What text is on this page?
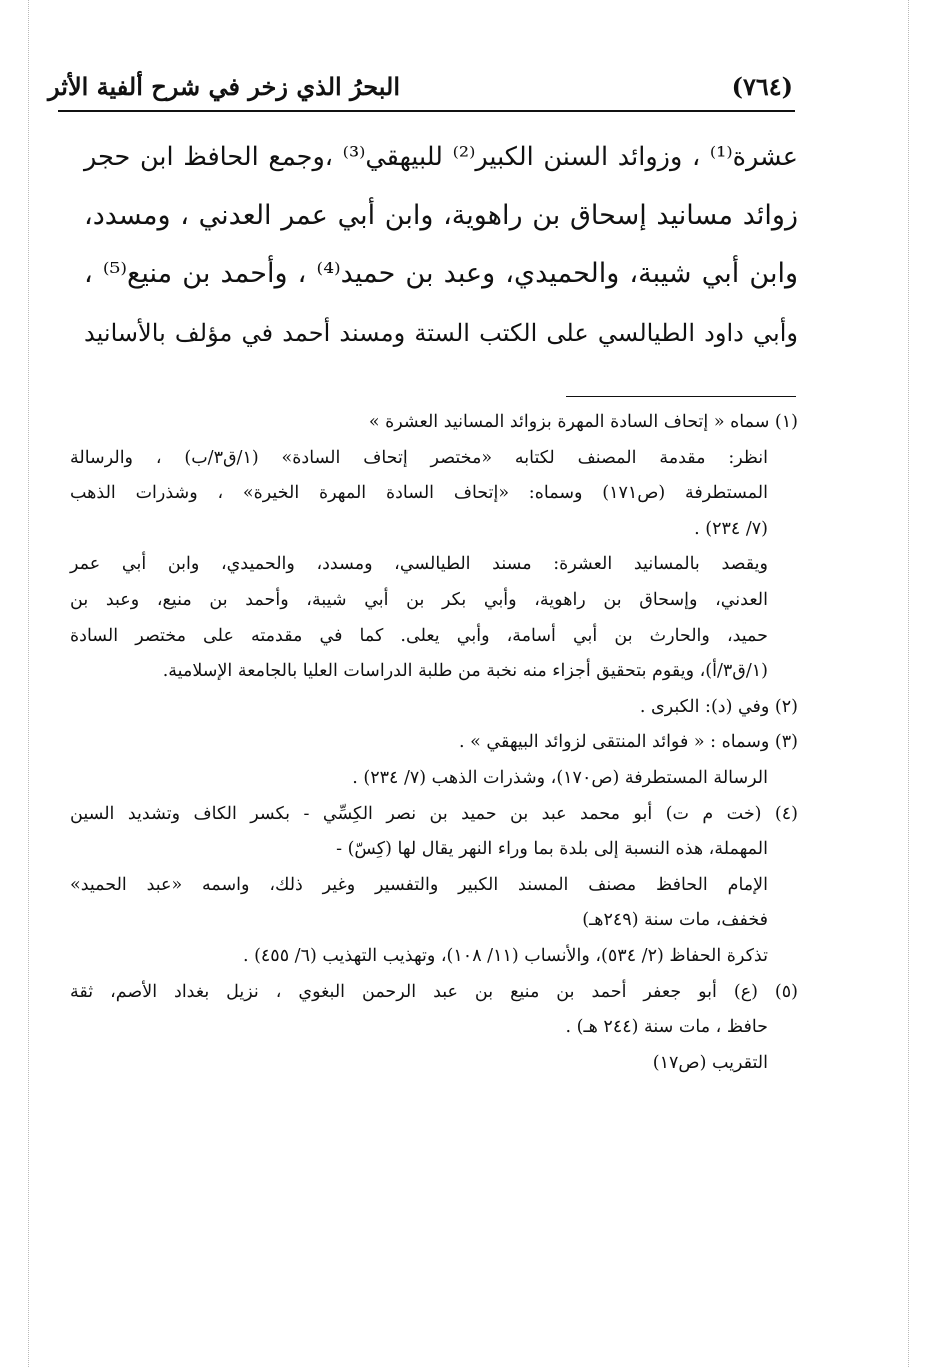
البحرُ الذي زخر في شرح ألفية الأثر	(٧٦٤)
عشرة⁽¹⁾ ، وزوائد السنن الكبير⁽²⁾ للبيهقي⁽³⁾ ،وجمع الحافظ ابن حجر
زوائد مسانيد إسحاق بن راهوية، وابن أبي عمر العدني ، ومسدد،
وابن أبي شيبة، والحميدي، وعبد بن حميد⁽⁴⁾ ، وأحمد بن منيع⁽⁵⁾ ،
وأبي داود الطيالسي على الكتب الستة ومسند أحمد في مؤلف بالأسانيد
(١) سماه « إتحاف السادة المهرة بزوائد المسانيد العشرة »
انظر: مقدمة المصنف لكتابه «مختصر إتحاف السادة» (١/ق٣/ب) ، والرسالة
المستطرفة (ص١٧١) وسماه: «إتحاف السادة المهرة الخيرة» ، وشذرات الذهب
(٧/ ٢٣٤) .
ويقصد بالمسانيد العشرة: مسند الطيالسي، ومسدد، والحميدي، وابن أبي عمر
العدني، وإسحاق بن راهوية، وأبي بكر بن أبي شيبة، وأحمد بن منيع، وعبد بن
حميد، والحارث بن أبي أسامة، وأبي يعلى. كما في مقدمته على مختصر السادة
(١/ق٣/أ)، ويقوم بتحقيق أجزاء منه نخبة من طلبة الدراسات العليا بالجامعة الإسلامية.
(٢) وفي (د): الكبرى .
(٣) وسماه : « فوائد المنتقى لزوائد البيهقي » .
الرسالة المستطرفة (ص١٧٠)، وشذرات الذهب (٧/ ٢٣٤) .
(٤) (خت م ت) أبو محمد عبد بن حميد بن نصر الكِسِّي - بكسر الكاف وتشديد السين
المهملة، هذه النسبة إلى بلدة بما وراء النهر يقال لها (كِسّ) -
الإمام الحافظ مصنف المسند الكبير والتفسير وغير ذلك، واسمه «عبد الحميد»
فخفف، مات سنة (٢٤٩هـ)
تذكرة الحفاظ (٢/ ٥٣٤)، والأنساب (١١/ ١٠٨)، وتهذيب التهذيب (٦/ ٤٥٥) .
(٥) (ع) أبو جعفر أحمد بن منيع بن عبد الرحمن البغوي ، نزيل بغداد الأصم، ثقة
حافظ ، مات سنة (٢٤٤ هـ) .
التقريب (ص١٧)
